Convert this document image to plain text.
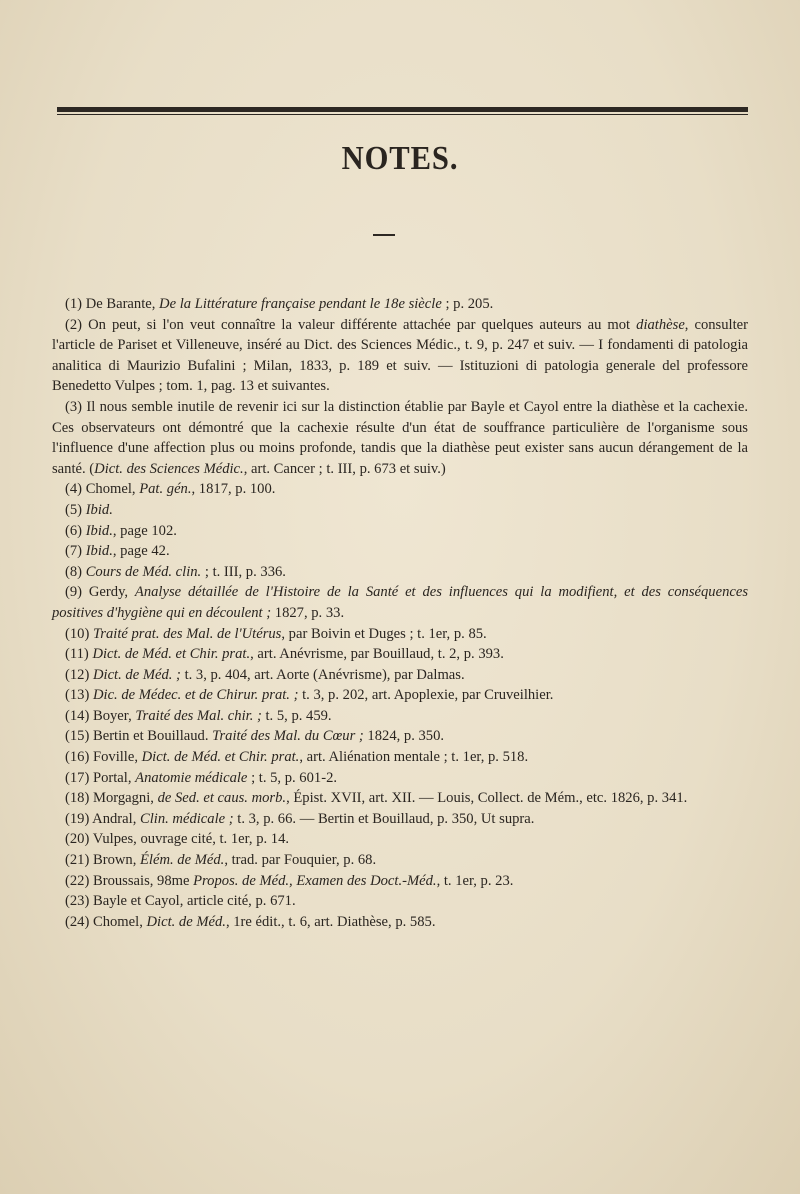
NOTES.

(1) De Barante, De la Littérature française pendant le 18e siècle ; p. 205.

(2) On peut, si l'on veut connaître la valeur différente attachée par quelques auteurs au mot diathèse, consulter l'article de Pariset et Villeneuve, inséré au Dict. des Sciences Médic., t. 9, p. 247 et suiv. — I fondamenti di patologia analitica di Maurizio Bufalini ; Milan, 1833, p. 189 et suiv. — Istituzioni di patologia generale del professore Benedetto Vulpes ; tom. 1, pag. 13 et suivantes.

(3) Il nous semble inutile de revenir ici sur la distinction établie par Bayle et Cayol entre la diathèse et la cachexie. Ces observateurs ont démontré que la cachexie résulte d'un état de souffrance particulière de l'organisme sous l'influence d'une affection plus ou moins profonde, tandis que la diathèse peut exister sans aucun dérangement de la santé. (Dict. des Sciences Médic., art. Cancer ; t. III, p. 673 et suiv.)

(4) Chomel, Pat. gén., 1817, p. 100.

(5) Ibid.

(6) Ibid., page 102.

(7) Ibid., page 42.

(8) Cours de Méd. clin. ; t. III, p. 336.

(9) Gerdy, Analyse détaillée de l'Histoire de la Santé et des influences qui la modifient, et des conséquences positives d'hygiène qui en découlent ; 1827, p. 33.

(10) Traité prat. des Mal. de l'Utérus, par Boivin et Duges ; t. 1er, p. 85.

(11) Dict. de Méd. et Chir. prat., art. Anévrisme, par Bouillaud, t. 2, p. 393.

(12) Dict. de Méd. ; t. 3, p. 404, art. Aorte (Anévrisme), par Dalmas.

(13) Dic. de Médec. et de Chirur. prat. ; t. 3, p. 202, art. Apoplexie, par Cruveilhier.

(14) Boyer, Traité des Mal. chir. ; t. 5, p. 459.

(15) Bertin et Bouillaud. Traité des Mal. du Cœur ; 1824, p. 350.

(16) Foville, Dict. de Méd. et Chir. prat., art. Aliénation mentale ; t. 1er, p. 518.

(17) Portal, Anatomie médicale ; t. 5, p. 601-2.

(18) Morgagni, de Sed. et caus. morb., Épist. XVII, art. XII. — Louis, Collect. de Mém., etc. 1826, p. 341.

(19) Andral, Clin. médicale ; t. 3, p. 66. — Bertin et Bouillaud, p. 350, Ut supra.

(20) Vulpes, ouvrage cité, t. 1er, p. 14.

(21) Brown, Élém. de Méd., trad. par Fouquier, p. 68.

(22) Broussais, 98me Propos. de Méd., Examen des Doct.-Méd., t. 1er, p. 23.

(23) Bayle et Cayol, article cité, p. 671.

(24) Chomel, Dict. de Méd., 1re édit., t. 6, art. Diathèse, p. 585.
